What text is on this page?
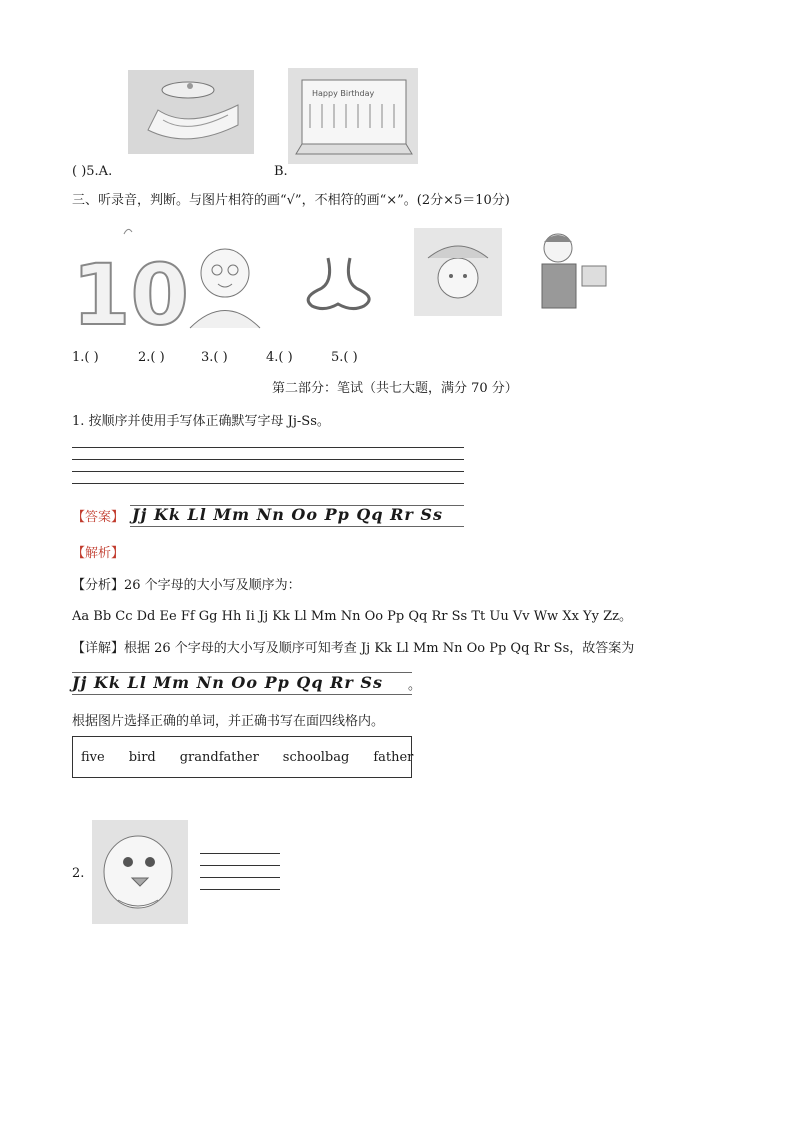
Happy Birthday
( )5.A.	B.
三、听录音，判断。与图片相符的画“√”，不相符的画“×”。(2分×5＝10分)
10
1.( )	2.( )	3.( )	4.( )	5.( )
第二部分：笔试（共七大题，满分 70 分）
1. 按顺序并使用手写体正确默写字母 Jj-Ss。
【答案】 Jj Kk Ll Mm Nn Oo Pp Qq Rr Ss
【解析】
【分析】26 个字母的大小写及顺序为：
Aa Bb Cc Dd Ee Ff Gg Hh Ii Jj Kk Ll Mm Nn Oo Pp Qq Rr Ss Tt Uu Vv Ww Xx Yy Zz。
【详解】根据 26 个字母的大小写及顺序可知考查 Jj Kk Ll Mm Nn Oo Pp Qq Rr Ss，故答案为
Jj Kk Ll Mm Nn Oo Pp Qq Rr Ss 。
根据图片选择正确的单词，并正确书写在面四线格内。
five bird grandfather schoolbag father
2.
